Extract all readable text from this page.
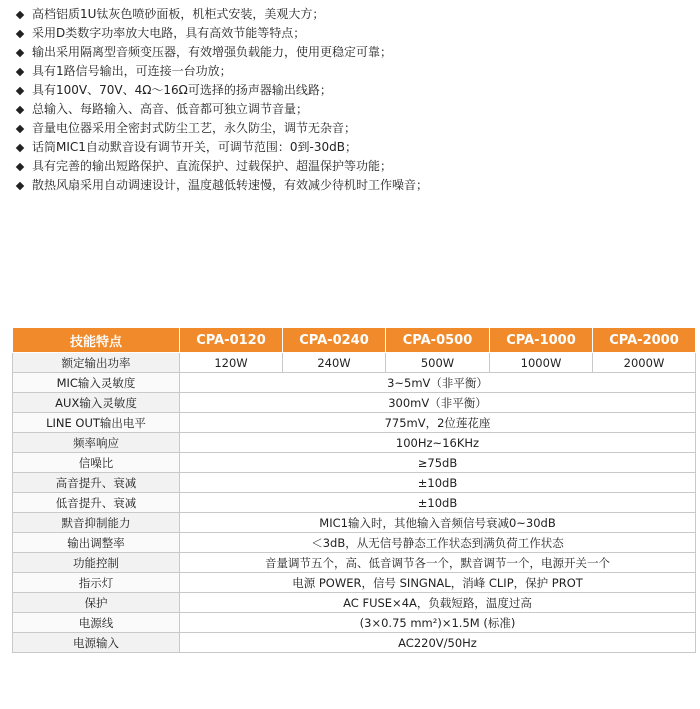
高档铝质1U钛灰色喷砂面板，机柜式安装，美观大方；
采用D类数字功率放大电路，具有高效节能等特点；
输出采用隔离型音频变压器，有效增强负载能力，使用更稳定可靠；
具有1路信号输出，可连接一台功放；
具有100V、70V、4Ω～16Ω可选择的扬声器输出线路；
总输入、每路输入、高音、低音都可独立调节音量；
音量电位器采用全密封式防尘工艺，永久防尘，调节无杂音；
话筒MIC1自动默音设有调节开关，可调节范围：0到-30dB；
具有完善的输出短路保护、直流保护、过载保护、超温保护等功能；
散热风扇采用自动调速设计，温度越低转速慢，有效减少待机时工作噪音；
技能特点	CPA-0120	CPA-0240	CPA-0500	CPA-1000	CPA-2000
额定输出功率	120W	240W	500W	1000W	2000W
MIC输入灵敏度	3~5mV（非平衡）				
AUX输入灵敏度	300mV（非平衡）				
LINE OUT输出电平	775mV，2位莲花座				
频率响应	100Hz~16KHz				
信噪比	≥75dB				
高音提升、衰减	±10dB				
低音提升、衰减	±10dB				
默音抑制能力	MIC1输入时，其他输入音频信号衰减0~30dB				
输出调整率	＜3dB，从无信号静态工作状态到满负荷工作状态				
功能控制	音量调节五个，高、低音调节各一个，默音调节一个，电源开关一个				
指示灯	电源 POWER，信号 SINGNAL，消峰 CLIP，保护 PROT				
保护	AC FUSE×4A，负载短路，温度过高				
电源线	(3×0.75 mm²)×1.5M (标准)				
电源输入	AC220V/50Hz				
